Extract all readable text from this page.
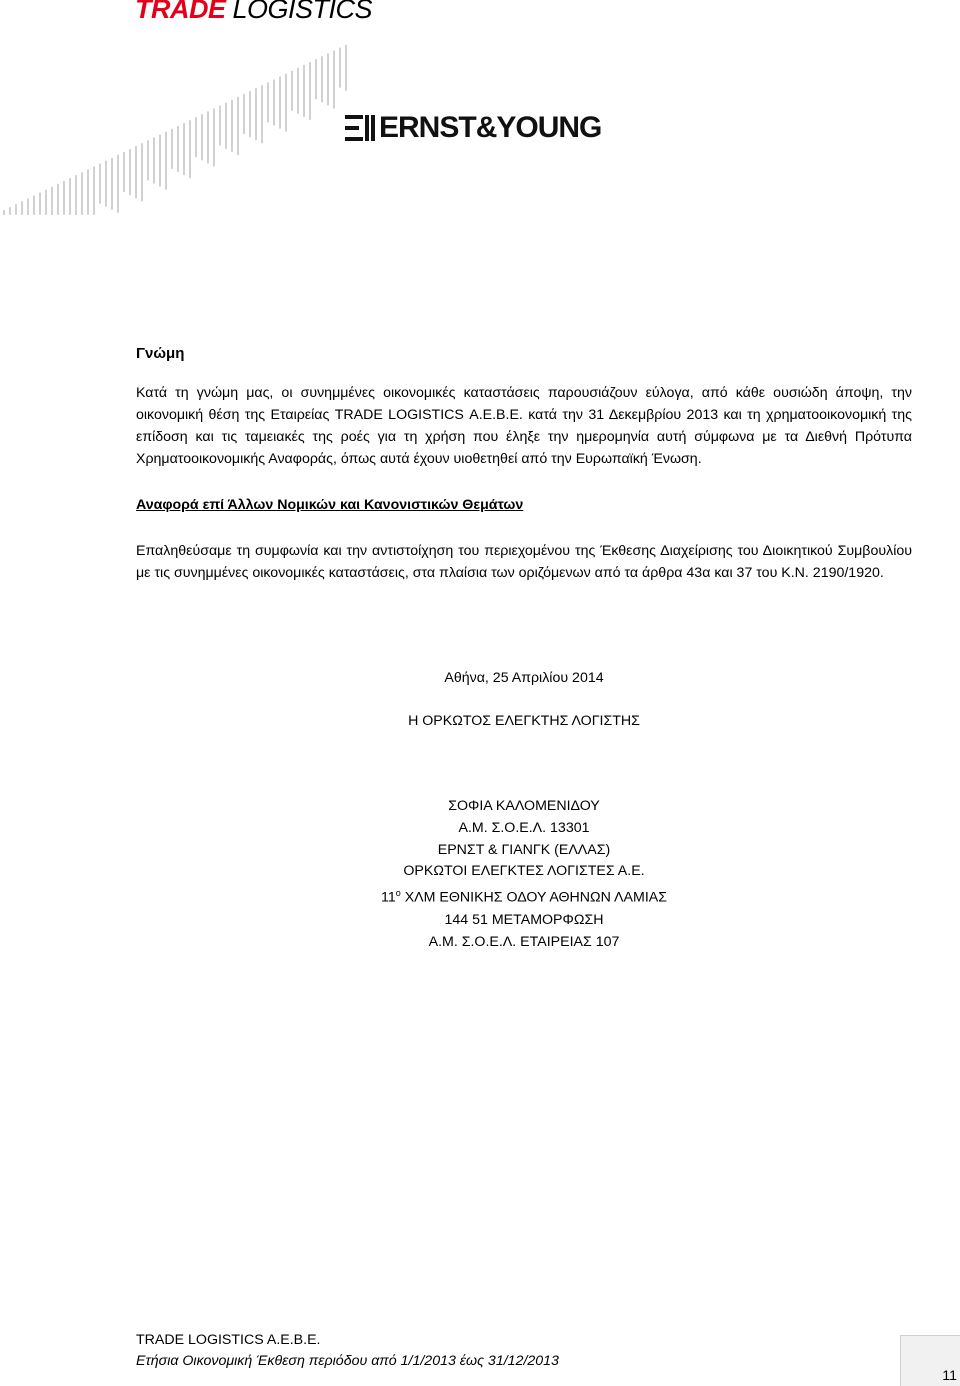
TRADE LOGISTICS
ERNST&YOUNG

Γνώμη

Κατά τη γνώμη μας, οι συνημμένες οικονομικές καταστάσεις παρουσιάζουν εύλογα, από κάθε ουσιώδη άποψη, την οικονομική θέση της Εταιρείας TRADE LOGISTICS Α.Ε.Β.Ε. κατά την 31 Δεκεμβρίου 2013 και τη χρηματοοικονομική της επίδοση και τις ταμειακές της ροές για τη χρήση που έληξε την ημερομηνία αυτή σύμφωνα με τα Διεθνή Πρότυπα Χρηματοοικονομικής Αναφοράς, όπως αυτά έχουν υιοθετηθεί από την Ευρωπαϊκή Ένωση.

Αναφορά επί Άλλων Νομικών και Κανονιστικών Θεμάτων

Επαληθεύσαμε τη συμφωνία και την αντιστοίχηση του περιεχομένου της Έκθεσης Διαχείρισης του Διοικητικού Συμβουλίου με τις συνημμένες οικονομικές καταστάσεις, στα πλαίσια των οριζόμενων από τα άρθρα 43α και 37 του Κ.Ν. 2190/1920.

Αθήνα, 25 Απριλίου 2014
Η ΟΡΚΩΤΟΣ ΕΛΕΓΚΤΗΣ ΛΟΓΙΣΤΗΣ
ΣΟΦΙΑ ΚΑΛΟΜΕΝΙΔΟΥ
Α.Μ. Σ.Ο.Ε.Λ. 13301
ΕΡΝΣΤ & ΓΙΑΝΓΚ (ΕΛΛΑΣ)
ΟΡΚΩΤΟΙ ΕΛΕΓΚΤΕΣ ΛΟΓΙΣΤΕΣ Α.Ε.
$11^o$ ΧΛΜ ΕΘΝΙΚΗΣ ΟΔΟΥ ΑΘΗΝΩΝ ΛΑΜΙΑΣ
144 51 ΜΕΤΑΜΟΡΦΩΣΗ
Α.Μ. Σ.Ο.Ε.Λ. ΕΤΑΙΡΕΙΑΣ 107
TRADE LOGISTICS A.E.B.E.
Ετήσια Οικονομική Έκθεση περιόδου από 1/1/2013 έως 31/12/2013
11
